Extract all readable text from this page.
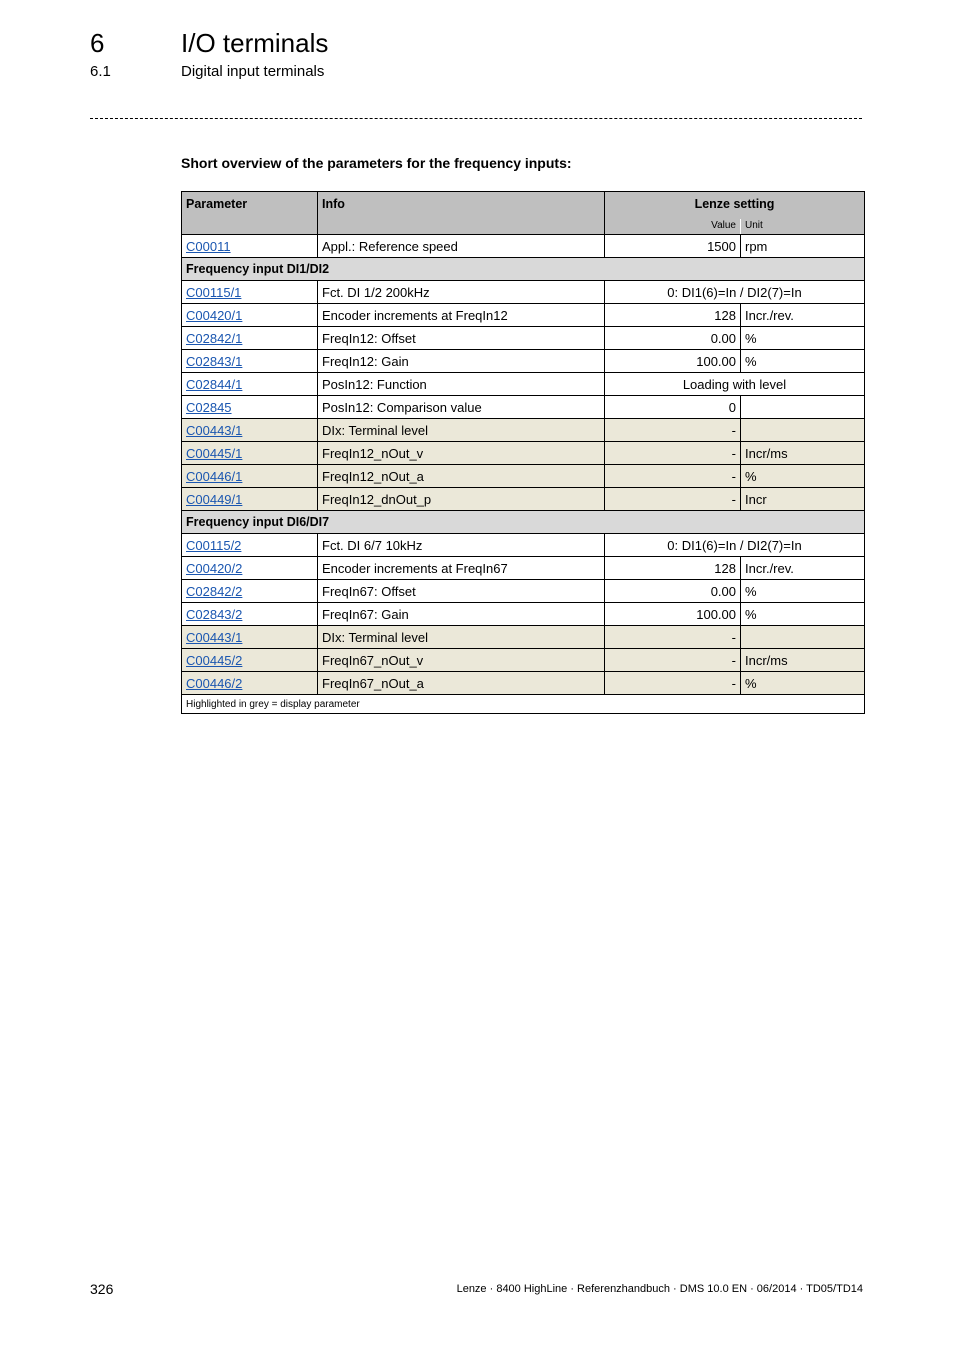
6	I/O terminals
6.1	Digital input terminals
Short overview of the parameters for the frequency inputs:
Parameter	Info	Lenze setting	
		Value	Unit
C00011	Appl.: Reference speed	1500	rpm
Frequency input DI1/DI2			
C00115/1	Fct. DI 1/2 200kHz	0: DI1(6)=In / DI2(7)=In	
C00420/1	Encoder increments at FreqIn12	128	Incr./rev.
C02842/1	FreqIn12: Offset	0.00	%
C02843/1	FreqIn12: Gain	100.00	%
C02844/1	PosIn12: Function	Loading with level	
C02845	PosIn12: Comparison value	0	
C00443/1	DIx: Terminal level	-	
C00445/1	FreqIn12_nOut_v	-	Incr/ms
C00446/1	FreqIn12_nOut_a	-	%
C00449/1	FreqIn12_dnOut_p	-	Incr
Frequency input DI6/DI7			
C00115/2	Fct. DI 6/7 10kHz	0: DI1(6)=In / DI2(7)=In	
C00420/2	Encoder increments at FreqIn67	128	Incr./rev.
C02842/2	FreqIn67: Offset	0.00	%
C02843/2	FreqIn67: Gain	100.00	%
C00443/1	DIx: Terminal level	-	
C00445/2	FreqIn67_nOut_v	-	Incr/ms
C00446/2	FreqIn67_nOut_a	-	%
Highlighted in grey = display parameter			
326	Lenze · 8400 HighLine · Referenzhandbuch · DMS 10.0 EN · 06/2014 · TD05/TD14
